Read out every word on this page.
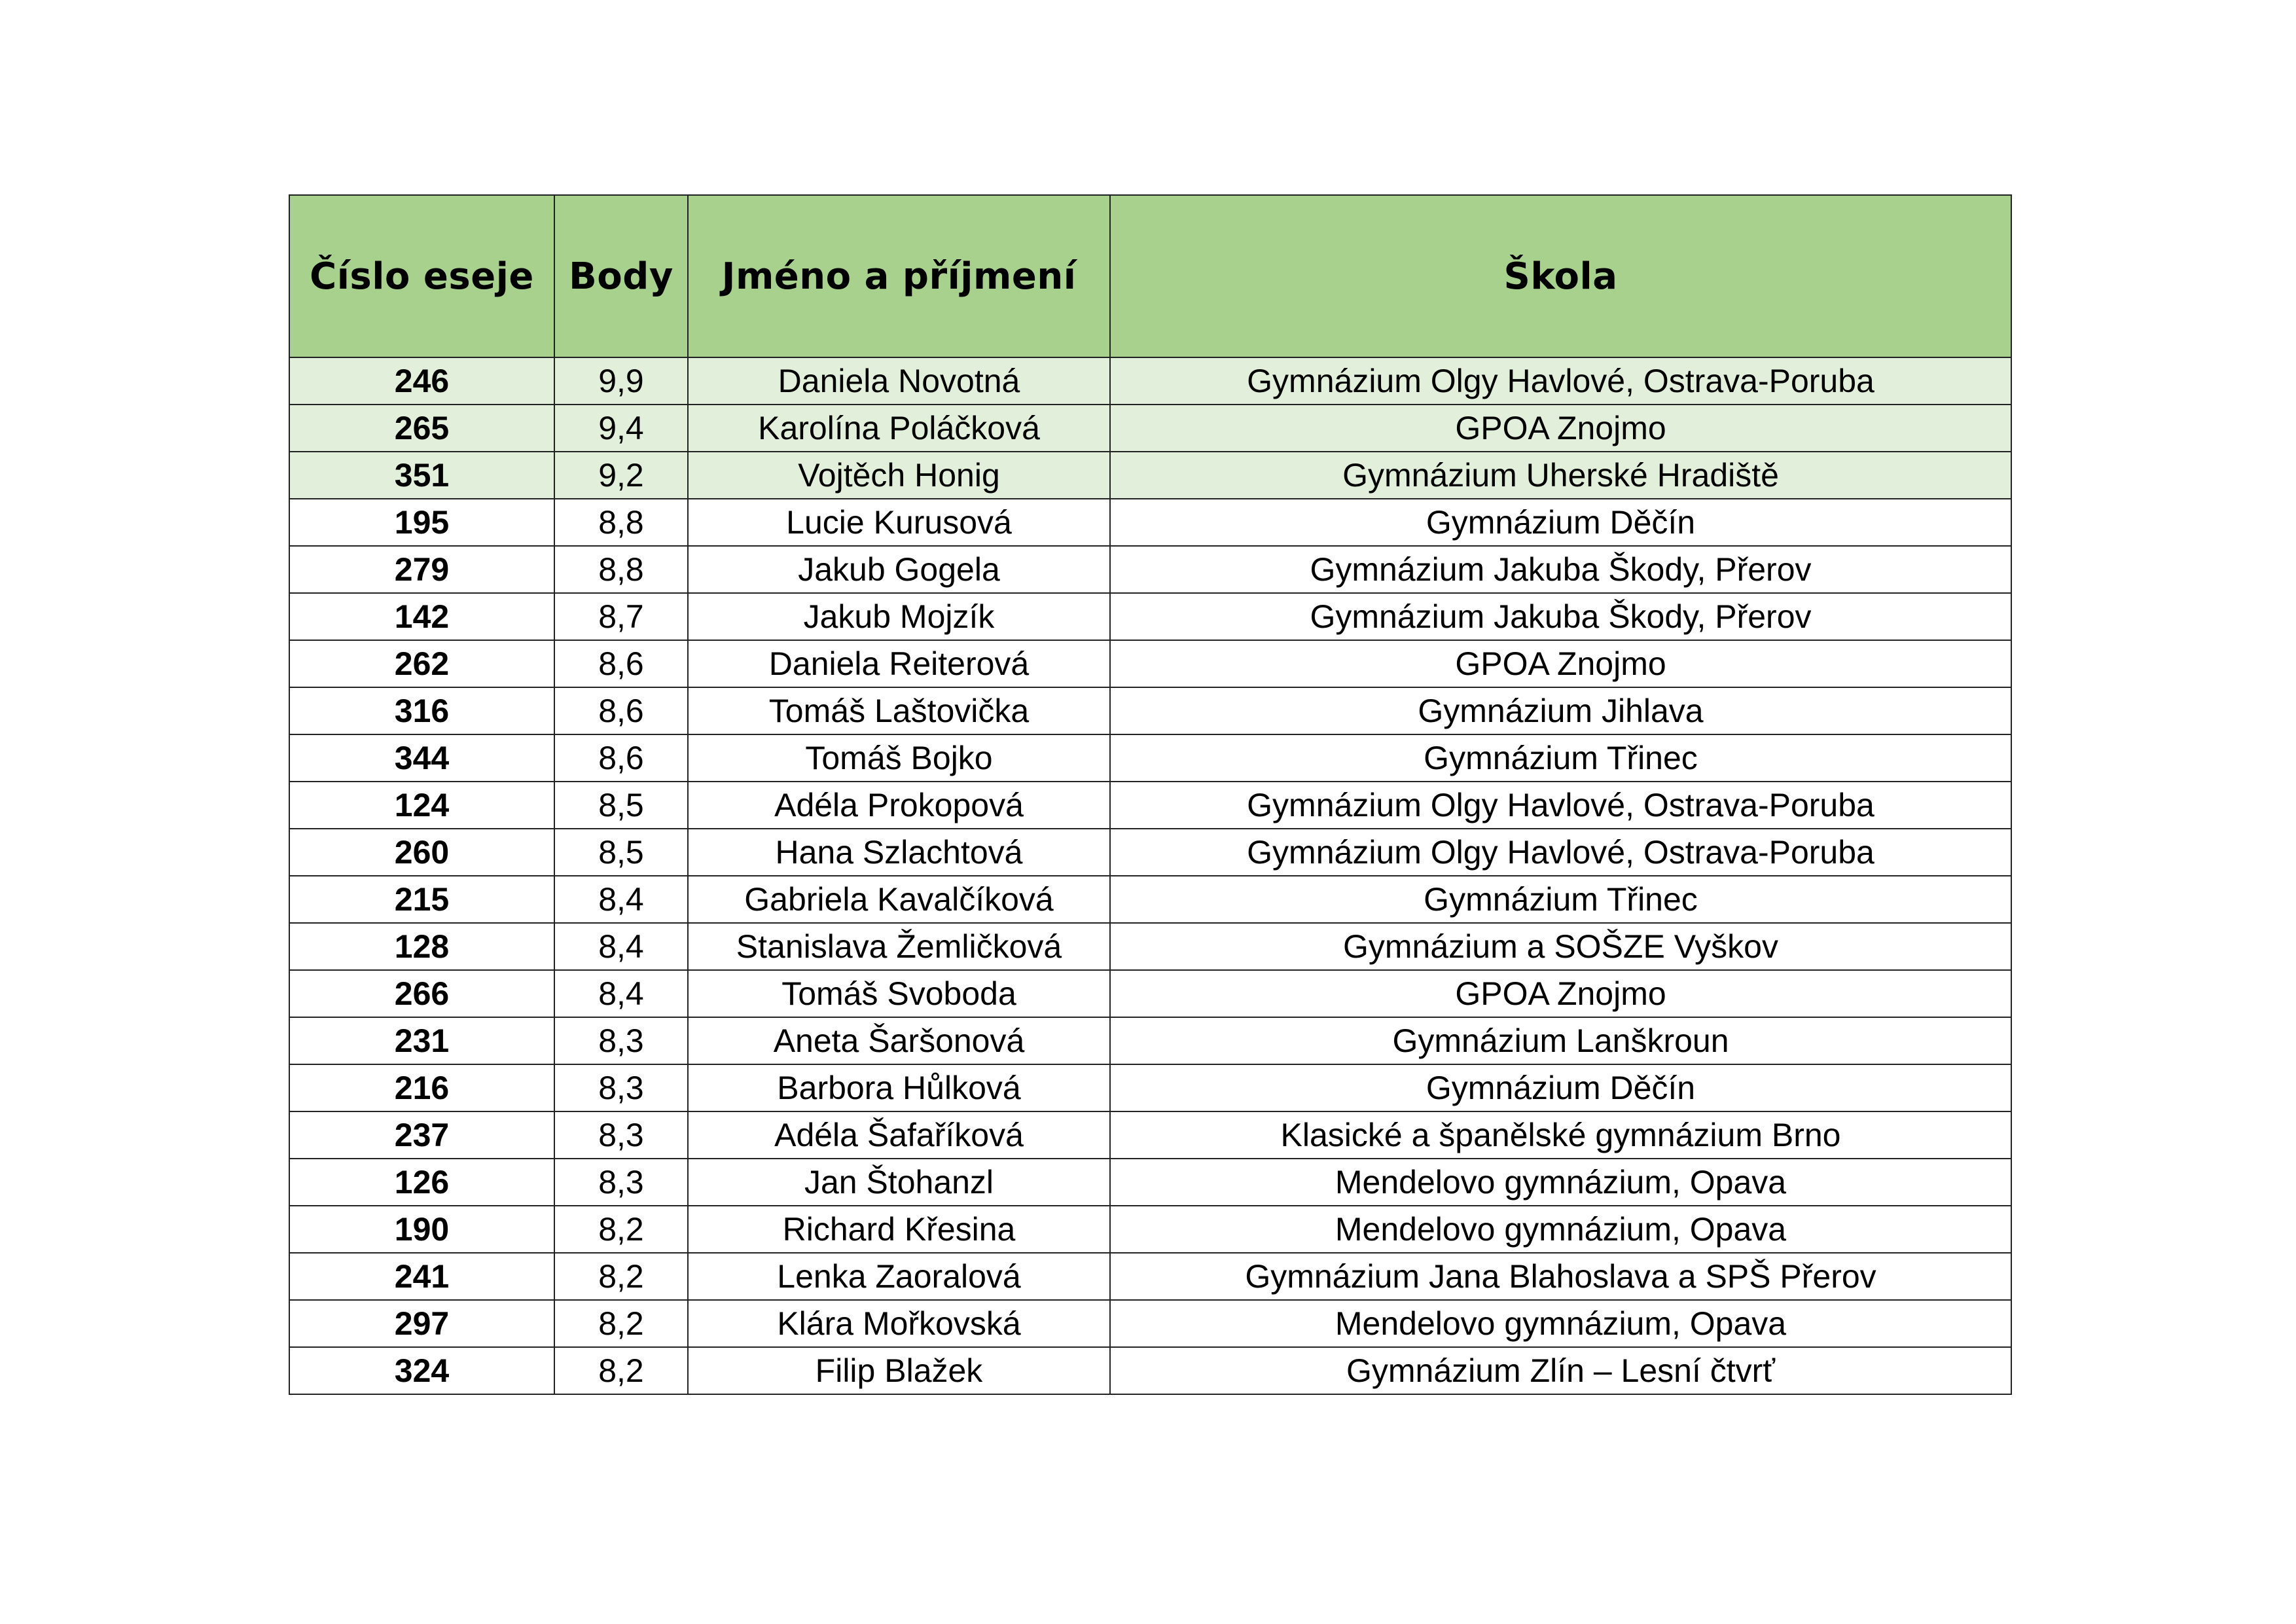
Číslo eseje	Body	Jméno a příjmení	Škola
246	9,9	Daniela Novotná	Gymnázium Olgy Havlové, Ostrava-Poruba
265	9,4	Karolína Poláčková	GPOA Znojmo
351	9,2	Vojtěch Honig	Gymnázium Uherské Hradiště
195	8,8	Lucie Kurusová	Gymnázium Děčín
279	8,8	Jakub Gogela	Gymnázium Jakuba Škody, Přerov
142	8,7	Jakub Mojzík	Gymnázium Jakuba Škody, Přerov
262	8,6	Daniela Reiterová	GPOA Znojmo
316	8,6	Tomáš Laštovička	Gymnázium Jihlava
344	8,6	Tomáš Bojko	Gymnázium Třinec
124	8,5	Adéla Prokopová	Gymnázium Olgy Havlové, Ostrava-Poruba
260	8,5	Hana Szlachtová	Gymnázium Olgy Havlové, Ostrava-Poruba
215	8,4	Gabriela Kavalčíková	Gymnázium Třinec
128	8,4	Stanislava Žemličková	Gymnázium a SOŠZE Vyškov
266	8,4	Tomáš Svoboda	GPOA Znojmo
231	8,3	Aneta Šaršonová	Gymnázium Lanškroun
216	8,3	Barbora Hůlková	Gymnázium Děčín
237	8,3	Adéla Šafaříková	Klasické a španělské gymnázium Brno
126	8,3	Jan Štohanzl	Mendelovo gymnázium, Opava
190	8,2	Richard Křesina	Mendelovo gymnázium, Opava
241	8,2	Lenka Zaoralová	Gymnázium Jana Blahoslava a SPŠ Přerov
297	8,2	Klára Mořkovská	Mendelovo gymnázium, Opava
324	8,2	Filip Blažek	Gymnázium Zlín – Lesní čtvrť
